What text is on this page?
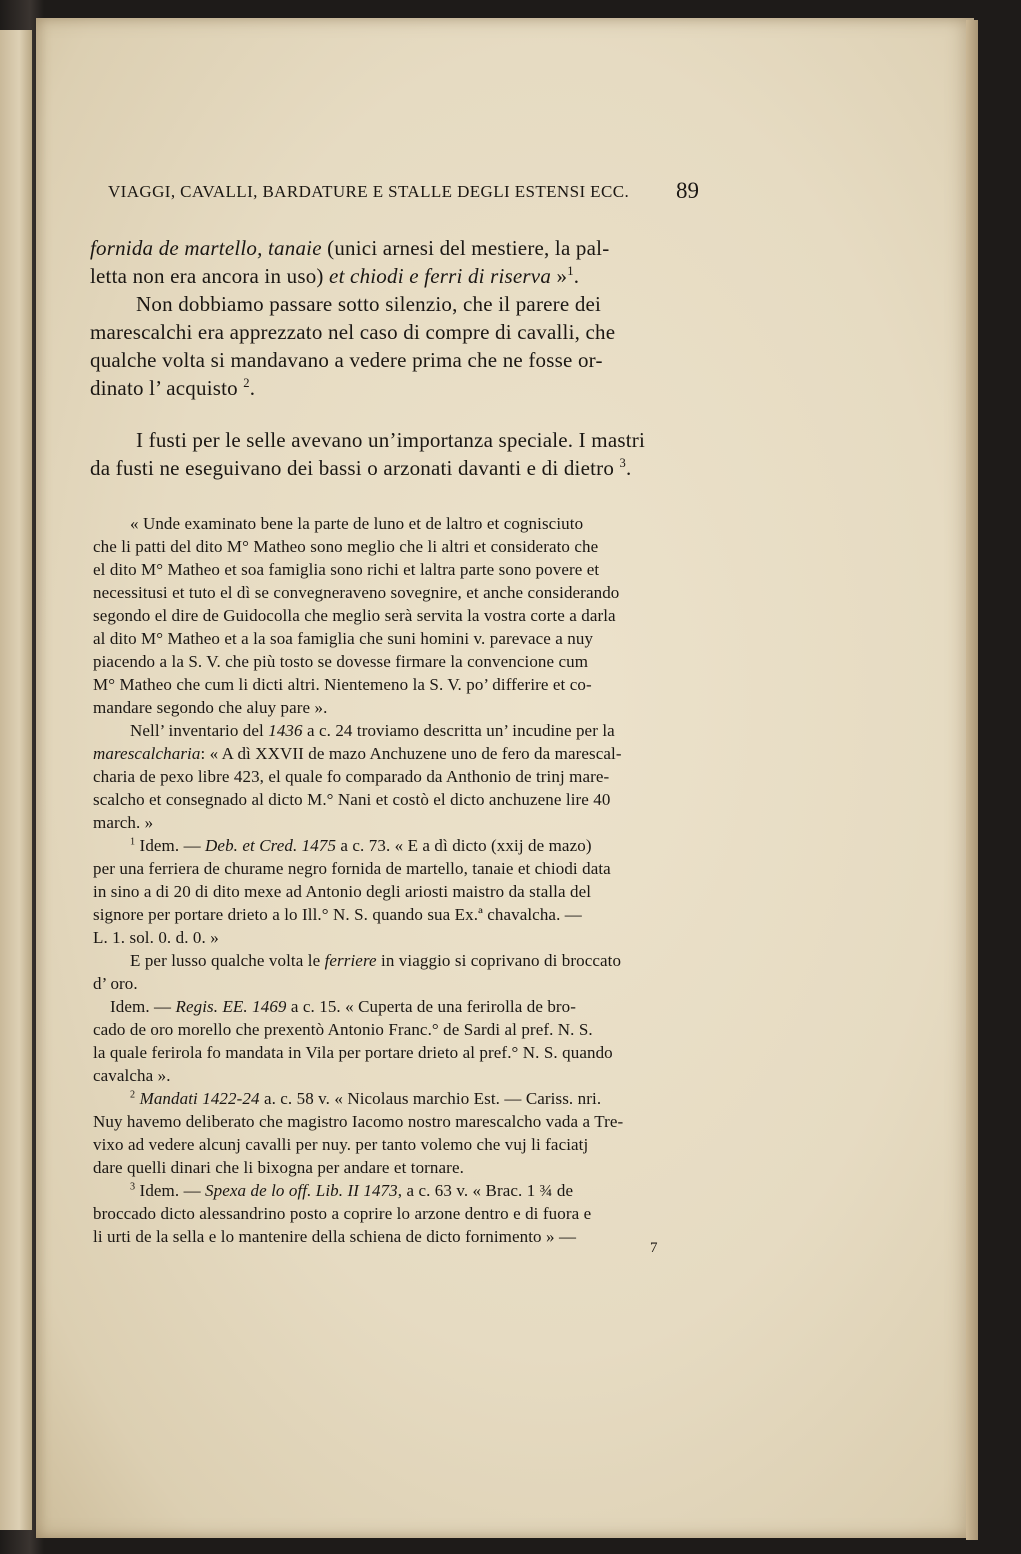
VIAGGI, CAVALLI, BARDATURE E STALLE DEGLI ESTENSI ECC.	89
fornida de martello, tanaie (unici arnesi del mestiere, la pal-
letta non era ancora in uso) et chiodi e ferri di riserva »$^1$.
Non dobbiamo passare sotto silenzio, che il parere dei
marescalchi era apprezzato nel caso di compre di cavalli, che
qualche volta si mandavano a vedere prima che ne fosse or-
dinato l’ acquisto $^2$.
I fusti per le selle avevano un’importanza speciale. I mastri
da fusti ne eseguivano dei bassi o arzonati davanti e di dietro $^3$.
« Unde examinato bene la parte de luno et de laltro et cognisciuto
che li patti del dito M° Matheo sono meglio che li altri et considerato che
el dito M° Matheo et soa famiglia sono richi et laltra parte sono povere et
necessitusi et tuto el dì se convegneraveno sovegnire, et anche considerando
segondo el dire de Guidocolla che meglio serà servita la vostra corte a darla
al dito M° Matheo et a la soa famiglia che suni homini v. parevace a nuy
piacendo a la S. V. che più tosto se dovesse firmare la convencione cum
M° Matheo che cum li dicti altri. Nientemeno la S. V. po’ differire et co-
mandare segondo che aluy pare ».
Nell’ inventario del 1436 a c. 24 troviamo descritta un’ incudine per la
marescalcharia: « A dì XXVII de mazo Anchuzene uno de fero da marescal-
charia de pexo libre 423, el quale fo comparado da Anthonio de trinj mare-
scalcho et consegnado al dicto M.° Nani et costò el dicto anchuzene lire 40
march. »
$^1$ Idem. — Deb. et Cred. 1475 a c. 73. « E a dì dicto (xxij de mazo)
per una ferriera de churame negro fornida de martello, tanaie et chiodi data
in sino a di 20 di dito mexe ad Antonio degli ariosti maistro da stalla del
signore per portare drieto a lo Ill.° N. S. quando sua Ex.ª chavalcha. —
L. 1. sol. 0. d. 0. »
E per lusso qualche volta le ferriere in viaggio si coprivano di broccato
d’ oro.
Idem. — Regis. EE. 1469 a c. 15. « Cuperta de una ferirolla de bro-
cado de oro morello che prexentò Antonio Franc.° de Sardi al pref. N. S.
la quale ferirola fo mandata in Vila per portare drieto al pref.° N. S. quando
cavalcha ».
$^2$ Mandati 1422-24 a. c. 58 v. « Nicolaus marchio Est. — Cariss. nri.
Nuy havemo deliberato che magistro Iacomo nostro marescalcho vada a Tre-
vixo ad vedere alcunj cavalli per nuy. per tanto volemo che vuj li faciatj
dare quelli dinari che li bixogna per andare et tornare.
$^3$ Idem. — Spexa de lo off. Lib. II 1473, a c. 63 v. « Brac. 1 ¾ de
broccado dicto alessandrino posto a coprire lo arzone dentro e di fuora e
li urti de la sella e lo mantenire della schiena de dicto fornimento » —
7
